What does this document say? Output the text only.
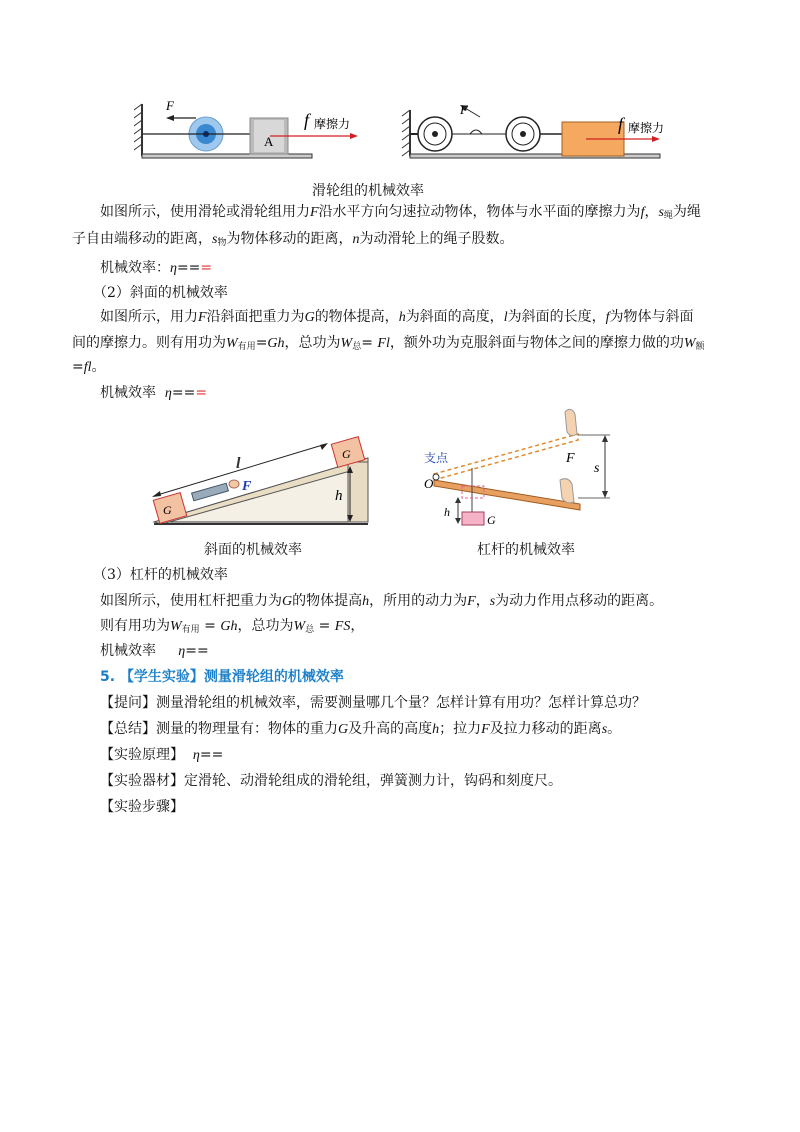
A
F
f 摩擦力
F
f 摩擦力
滑轮组的机械效率
如图所示，使用滑轮或滑轮组用力F沿水平方向匀速拉动物体，物体与水平面的摩擦力为f，$s_绳$为绳
子自由端移动的距离，$s_物$为物体移动的距离，n为动滑轮上的绳子股数。
机械效率：η===
（2）斜面的机械效率
如图所示，用力F沿斜面把重力为G的物体提高，h为斜面的高度，l为斜面的长度，f为物体与斜面
间的摩擦力。则有用功为$W_{有用}=Gh$，总功为$W_总= Fl$，额外功为克服斜面与物体之间的摩擦力做的功$W_额$
=fl。
机械效率 η===
l
G
G
F
h
支点
O
F
s
G
h
斜面的机械效率	杠杆的机械效率
（3）杠杆的机械效率
如图所示，使用杠杆把重力为G的物体提高h，所用的动力为F，s为动力作用点移动的距离。
则有用功为$W_{有用} = Gh$，总功为$W_总$ = FS，
机械效率 η==
5. 【学生实验】测量滑轮组的机械效率
【提问】测量滑轮组的机械效率，需要测量哪几个量？怎样计算有用功？怎样计算总功？
【总结】测量的物理量有：物体的重力G及升高的高度h；拉力F及拉力移动的距离s。
【实验原理】 η==
【实验器材】定滑轮、动滑轮组成的滑轮组，弹簧测力计，钩码和刻度尺。
【实验步骤】
